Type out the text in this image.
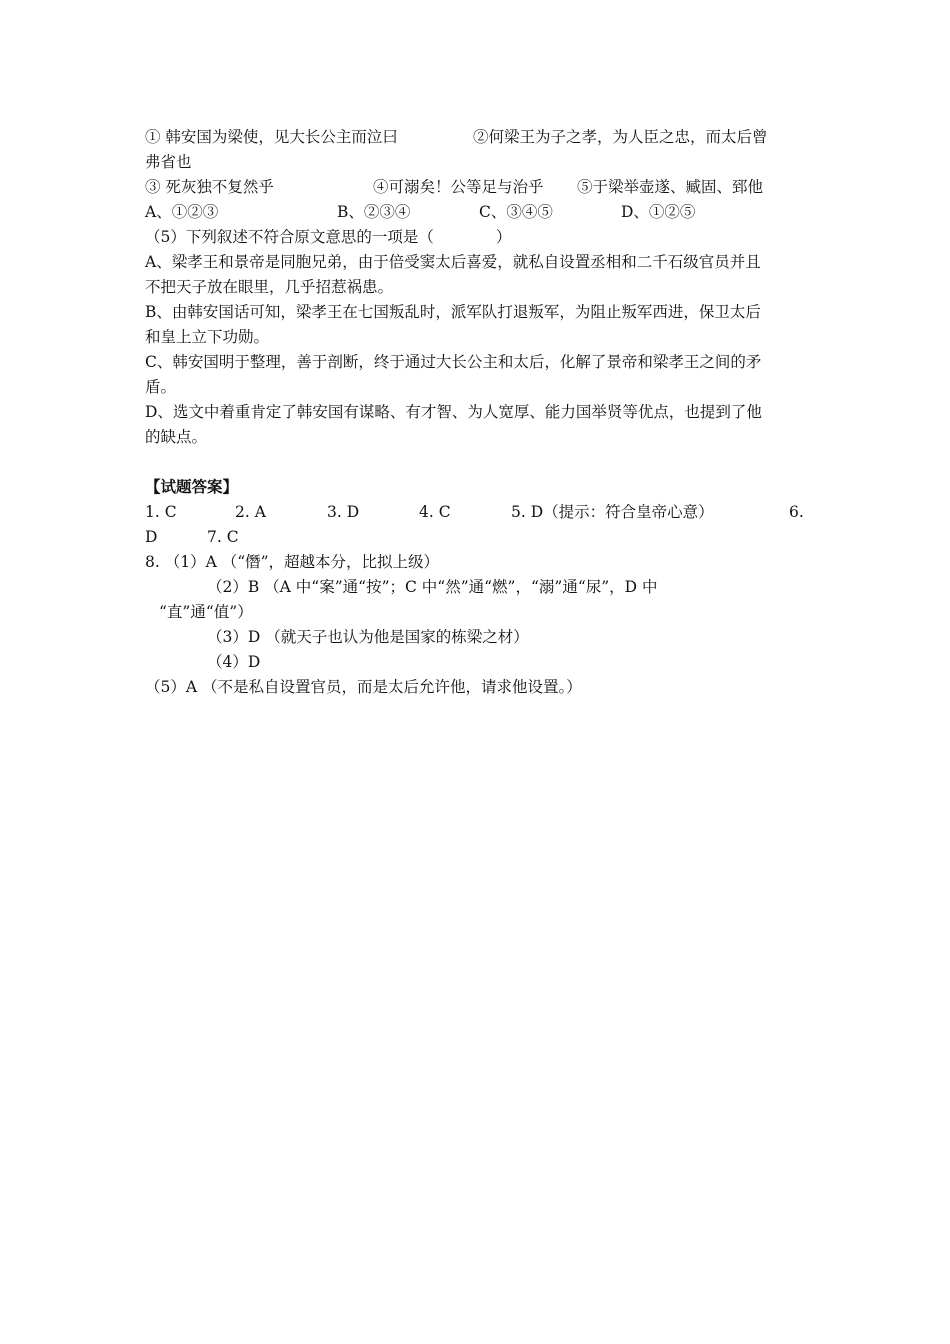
① 韩安国为梁使，见大长公主而泣曰	②何梁王为子之孝，为人臣之忠，而太后曾
弗省也
③ 死灰独不复然乎	④可溺矣！公等足与治乎	⑤于梁举壶遂、臧固、郅他
A、①②③	B、②③④	C、③④⑤	D、①②⑤
（5）下列叙述不符合原文意思的一项是（　　　　）
A、梁孝王和景帝是同胞兄弟，由于倍受窦太后喜爱，就私自设置丞相和二千石级官员并且
不把天子放在眼里，几乎招惹祸患。
B、由韩安国话可知，梁孝王在七国叛乱时，派军队打退叛军，为阻止叛军西进，保卫太后
和皇上立下功勋。
C、韩安国明于整理，善于剖断，终于通过大长公主和太后，化解了景帝和梁孝王之间的矛
盾。
D、选文中着重肯定了韩安国有谋略、有才智、为人宽厚、能力国举贤等优点，也提到了他
的缺点。
【试题答案】
1. C	2. A	3. D	4. C	5. D（提示：符合皇帝心意）	6.
D	7. C
8. （1）A （“僭”，超越本分，比拟上级）
（2）B （A 中“案”通“按”；C 中“然”通“燃”，“溺”通“尿”，D 中
“直”通“值”）
（3）D （就天子也认为他是国家的栋梁之材）
（4）D
（5）A （不是私自设置官员，而是太后允许他，请求他设置。）
